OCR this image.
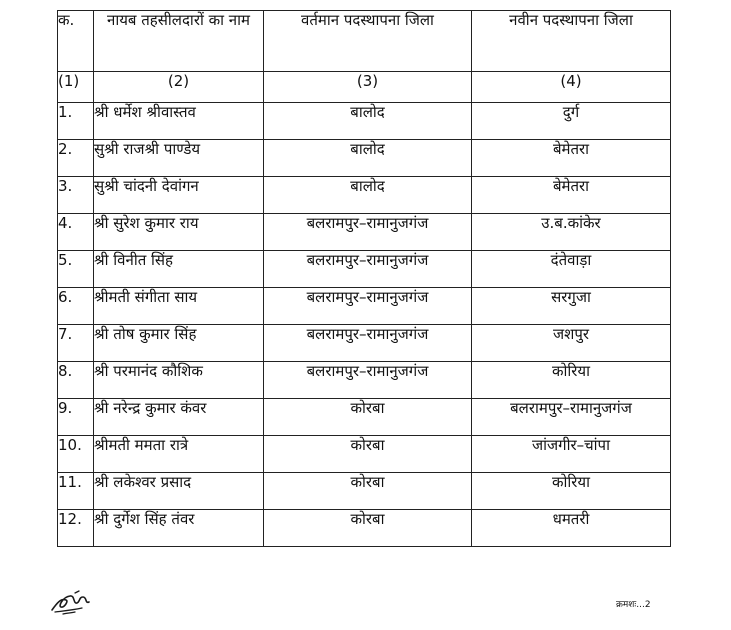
क.	नायब तहसीलदारों का नाम	वर्तमान पदस्थापना जिला	नवीन पदस्थापना जिला
(1)	(2)	(3)	(4)
1.	श्री धर्मेश श्रीवास्तव	बालोद	दुर्ग
2.	सुश्री राजश्री पाण्डेय	बालोद	बेमेतरा
3.	सुश्री चांदनी देवांगन	बालोद	बेमेतरा
4.	श्री सुरेश कुमार राय	बलरामपुर–रामानुजगंज	उ.ब.कांकेर
5.	श्री विनीत सिंह	बलरामपुर–रामानुजगंज	दंतेवाड़ा
6.	श्रीमती संगीता साय	बलरामपुर–रामानुजगंज	सरगुजा
7.	श्री तोष कुमार सिंह	बलरामपुर–रामानुजगंज	जशपुर
8.	श्री परमानंद कौशिक	बलरामपुर–रामानुजगंज	कोरिया
9.	श्री नरेन्द्र कुमार कंवर	कोरबा	बलरामपुर–रामानुजगंज
10.	श्रीमती ममता रात्रे	कोरबा	जांजगीर–चांपा
11.	श्री लकेश्वर प्रसाद	कोरबा	कोरिया
12.	श्री दुर्गेश सिंह तंवर	कोरबा	धमतरी
क्रमशः...2
